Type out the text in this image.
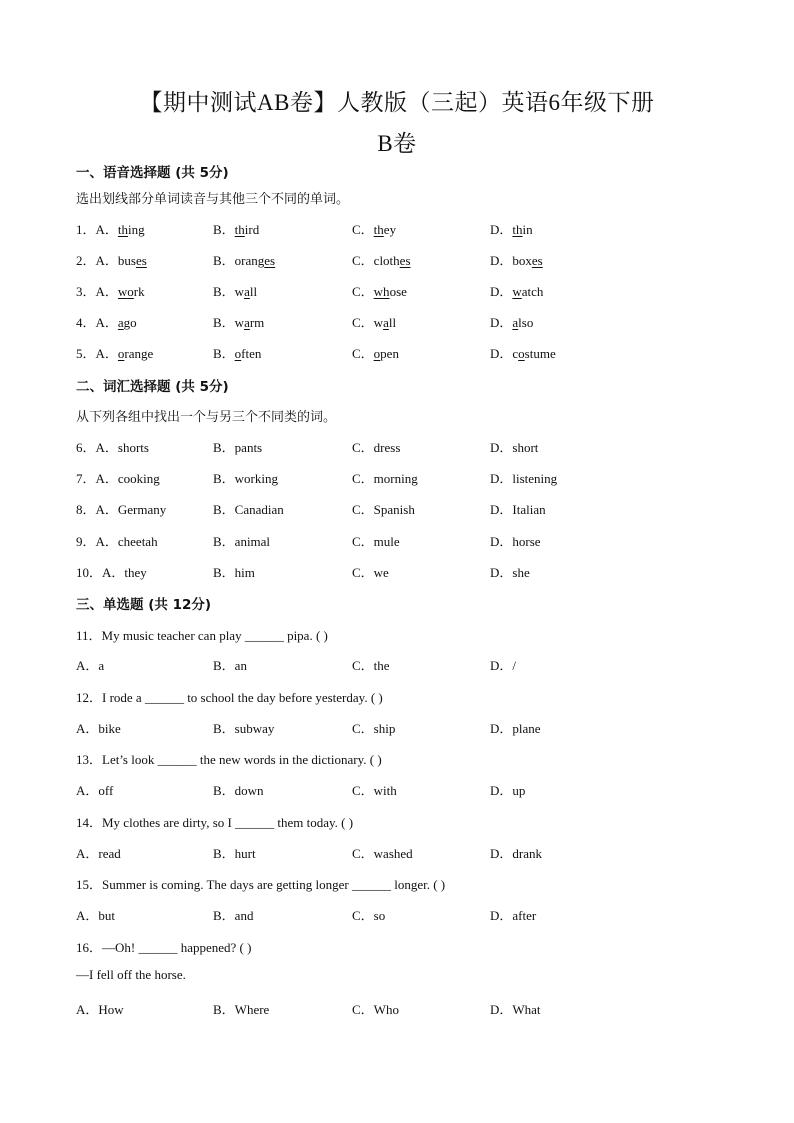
【期中测试AB卷】人教版（三起）英语6年级下册
B卷
一、语音选择题 (共 5分)
选出划线部分单词读音与其他三个不同的单词。
1．A．thing	B．third	C．they	D．thin
2．A．buses	B．oranges	C．clothes	D．boxes
3．A．work	B．wall	C．whose	D．watch
4．A．ago	B．warm	C．wall	D．also
5．A．orange	B．often	C．open	D．costume
二、词汇选择题 (共 5分)
从下列各组中找出一个与另三个不同类的词。
6．A．shorts	B．pants	C．dress	D．short
7．A．cooking	B．working	C．morning	D．listening
8．A．Germany	B．Canadian	C．Spanish	D．Italian
9．A．cheetah	B．animal	C．mule	D．horse
10．A．they	B．him	C．we	D．she
三、单选题 (共 12分)
11．My music teacher can play ______ pipa. ( )
A．a	B．an	C．the	D．/
12．I rode a ______ to school the day before yesterday. ( )
A．bike	B．subway	C．ship	D．plane
13．Let’s look ______ the new words in the dictionary. ( )
A．off	B．down	C．with	D．up
14．My clothes are dirty, so I ______ them today. ( )
A．read	B．hurt	C．washed	D．drank
15．Summer is coming. The days are getting longer ______ longer. ( )
A．but	B．and	C．so	D．after
16．—Oh! ______ happened? ( )
—I fell off the horse.
A．How	B．Where	C．Who	D．What
